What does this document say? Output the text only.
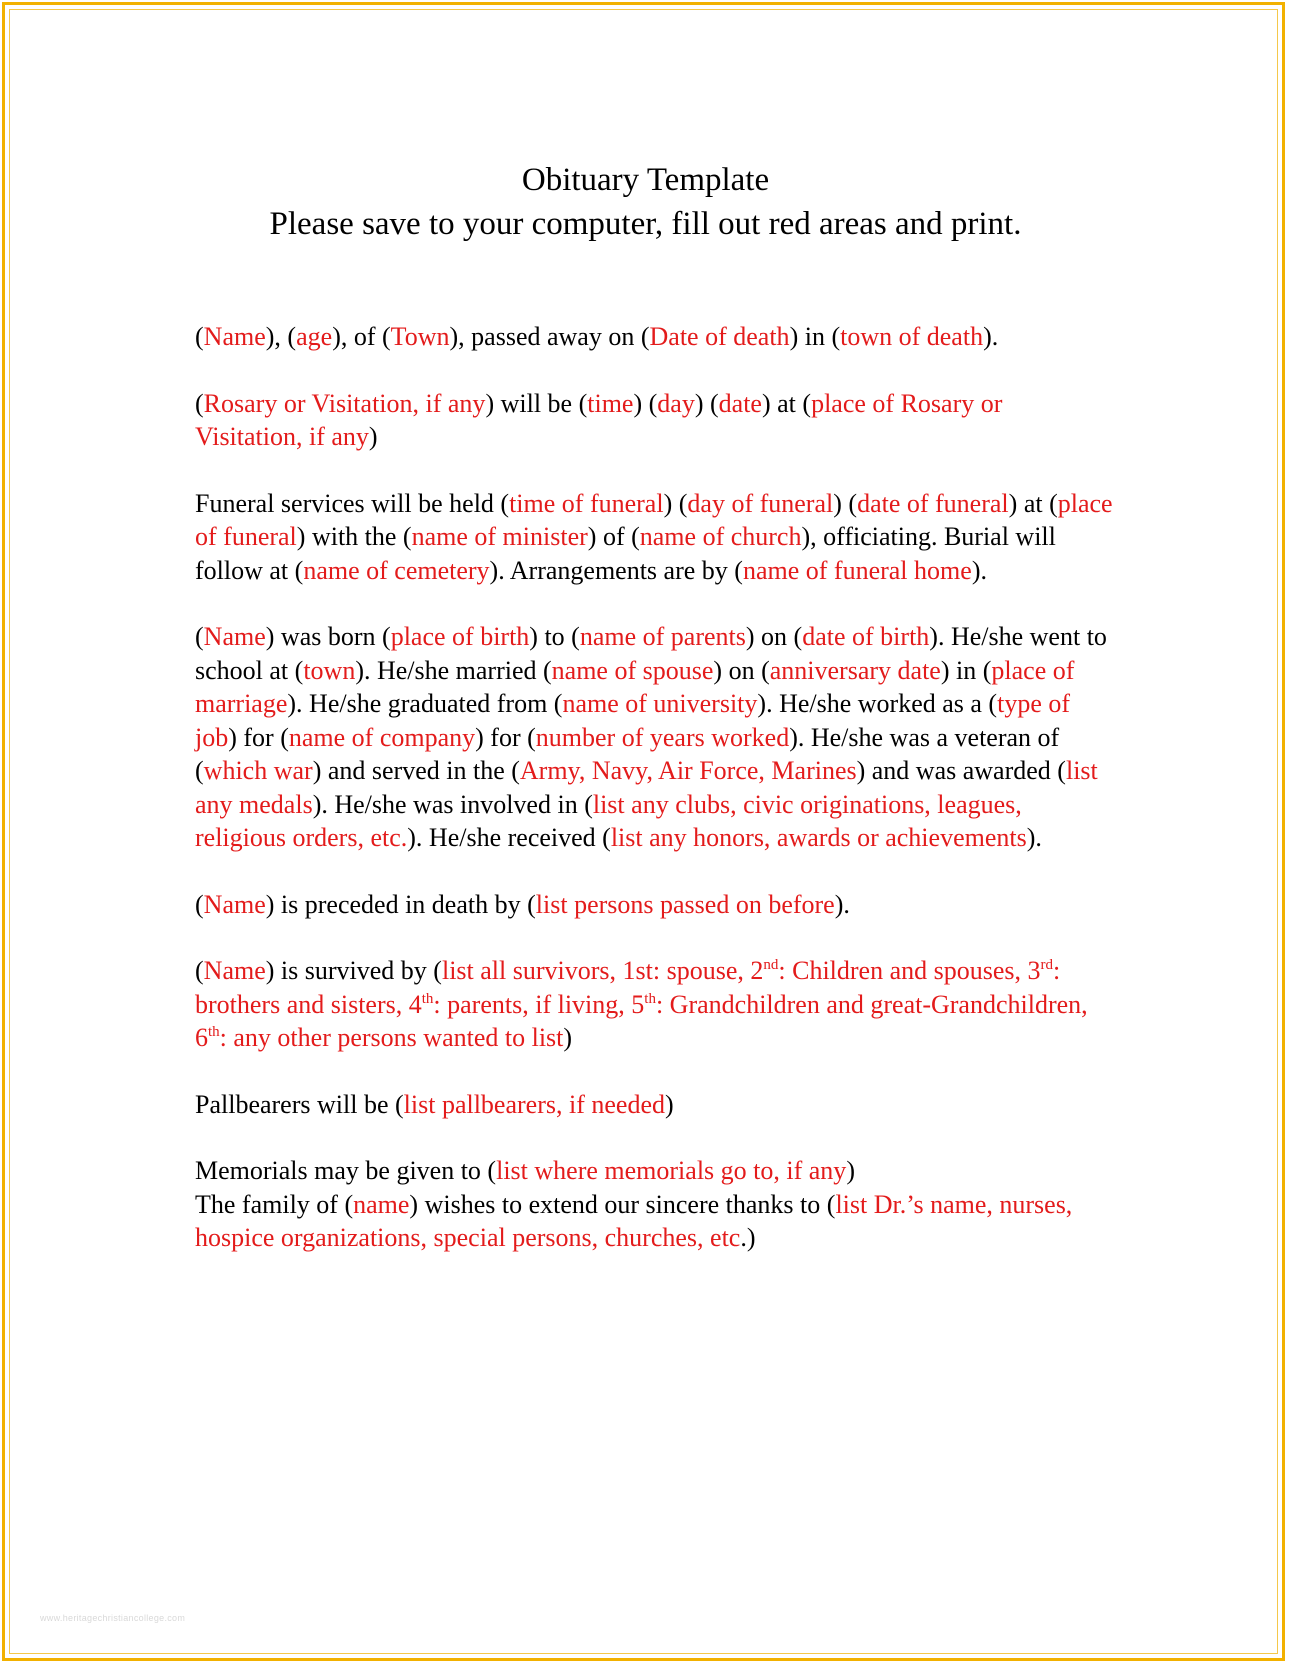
Obituary Template
Please save to your computer, fill out red areas and print.

(Name), (age), of (Town), passed away on (Date of death) in (town of death).

(Rosary or Visitation, if any) will be (time) (day) (date) at (place of Rosary or Visitation, if any)

Funeral services will be held (time of funeral) (day of funeral) (date of funeral) at (place of funeral) with the (name of minister) of (name of church), officiating. Burial will follow at (name of cemetery). Arrangements are by (name of funeral home).

(Name) was born (place of birth) to (name of parents) on (date of birth). He/she went to school at (town). He/she married (name of spouse) on (anniversary date) in (place of marriage). He/she graduated from (name of university). He/she worked as a (type of job) for (name of company) for (number of years worked). He/she was a veteran of (which war) and served in the (Army, Navy, Air Force, Marines) and was awarded (list any medals). He/she was involved in (list any clubs, civic originations, leagues, religious orders, etc.). He/she received (list any honors, awards or achievements).

(Name) is preceded in death by (list persons passed on before).

(Name) is survived by (list all survivors, 1st: spouse, 2nd: Children and spouses, 3rd: brothers and sisters, 4th: parents, if living, 5th: Grandchildren and great-Grandchildren, 6th: any other persons wanted to list)

Pallbearers will be (list pallbearers, if needed)

Memorials may be given to (list where memorials go to, if any)

The family of (name) wishes to extend our sincere thanks to (list Dr.’s name, nurses, hospice organizations, special persons, churches, etc.)

www.heritagechristiancollege.com
